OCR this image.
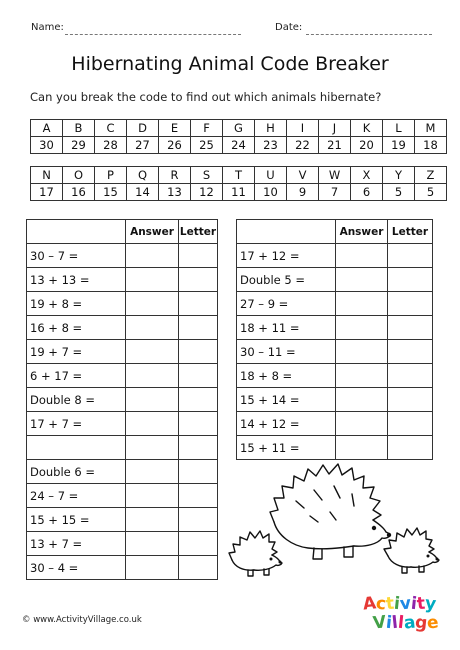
Name:	Date:
Hibernating Animal Code Breaker
Can you break the code to find out which animals hibernate?
A	B	C	D	E	F	G	H	I	J	K	L	M
30	29	28	27	26	25	24	23	22	21	20	19	18
N	O	P	Q	R	S	T	U	V	W	X	Y	Z
17	16	15	14	13	12	11	10	9	7	6	5	5
	Answer	Letter
30 – 7 =		
13 + 13 =		
19 + 8 =		
16 + 8 =		
19 + 7 =		
6 + 17 =		
Double 8 =		
17 + 7 =		

Double 6 =		
24 – 7 =		
15 + 15 =		
13 + 7 =		
30 – 4 =		
	Answer	Letter
17 + 12 =		
Double 5 =		
27 – 9 =		
18 + 11 =		
30 – 11 =		
18 + 8 =		
15 + 14 =		
14 + 12 =		
15 + 11 =		
© www.ActivityVillage.co.uk
Activity
Village
